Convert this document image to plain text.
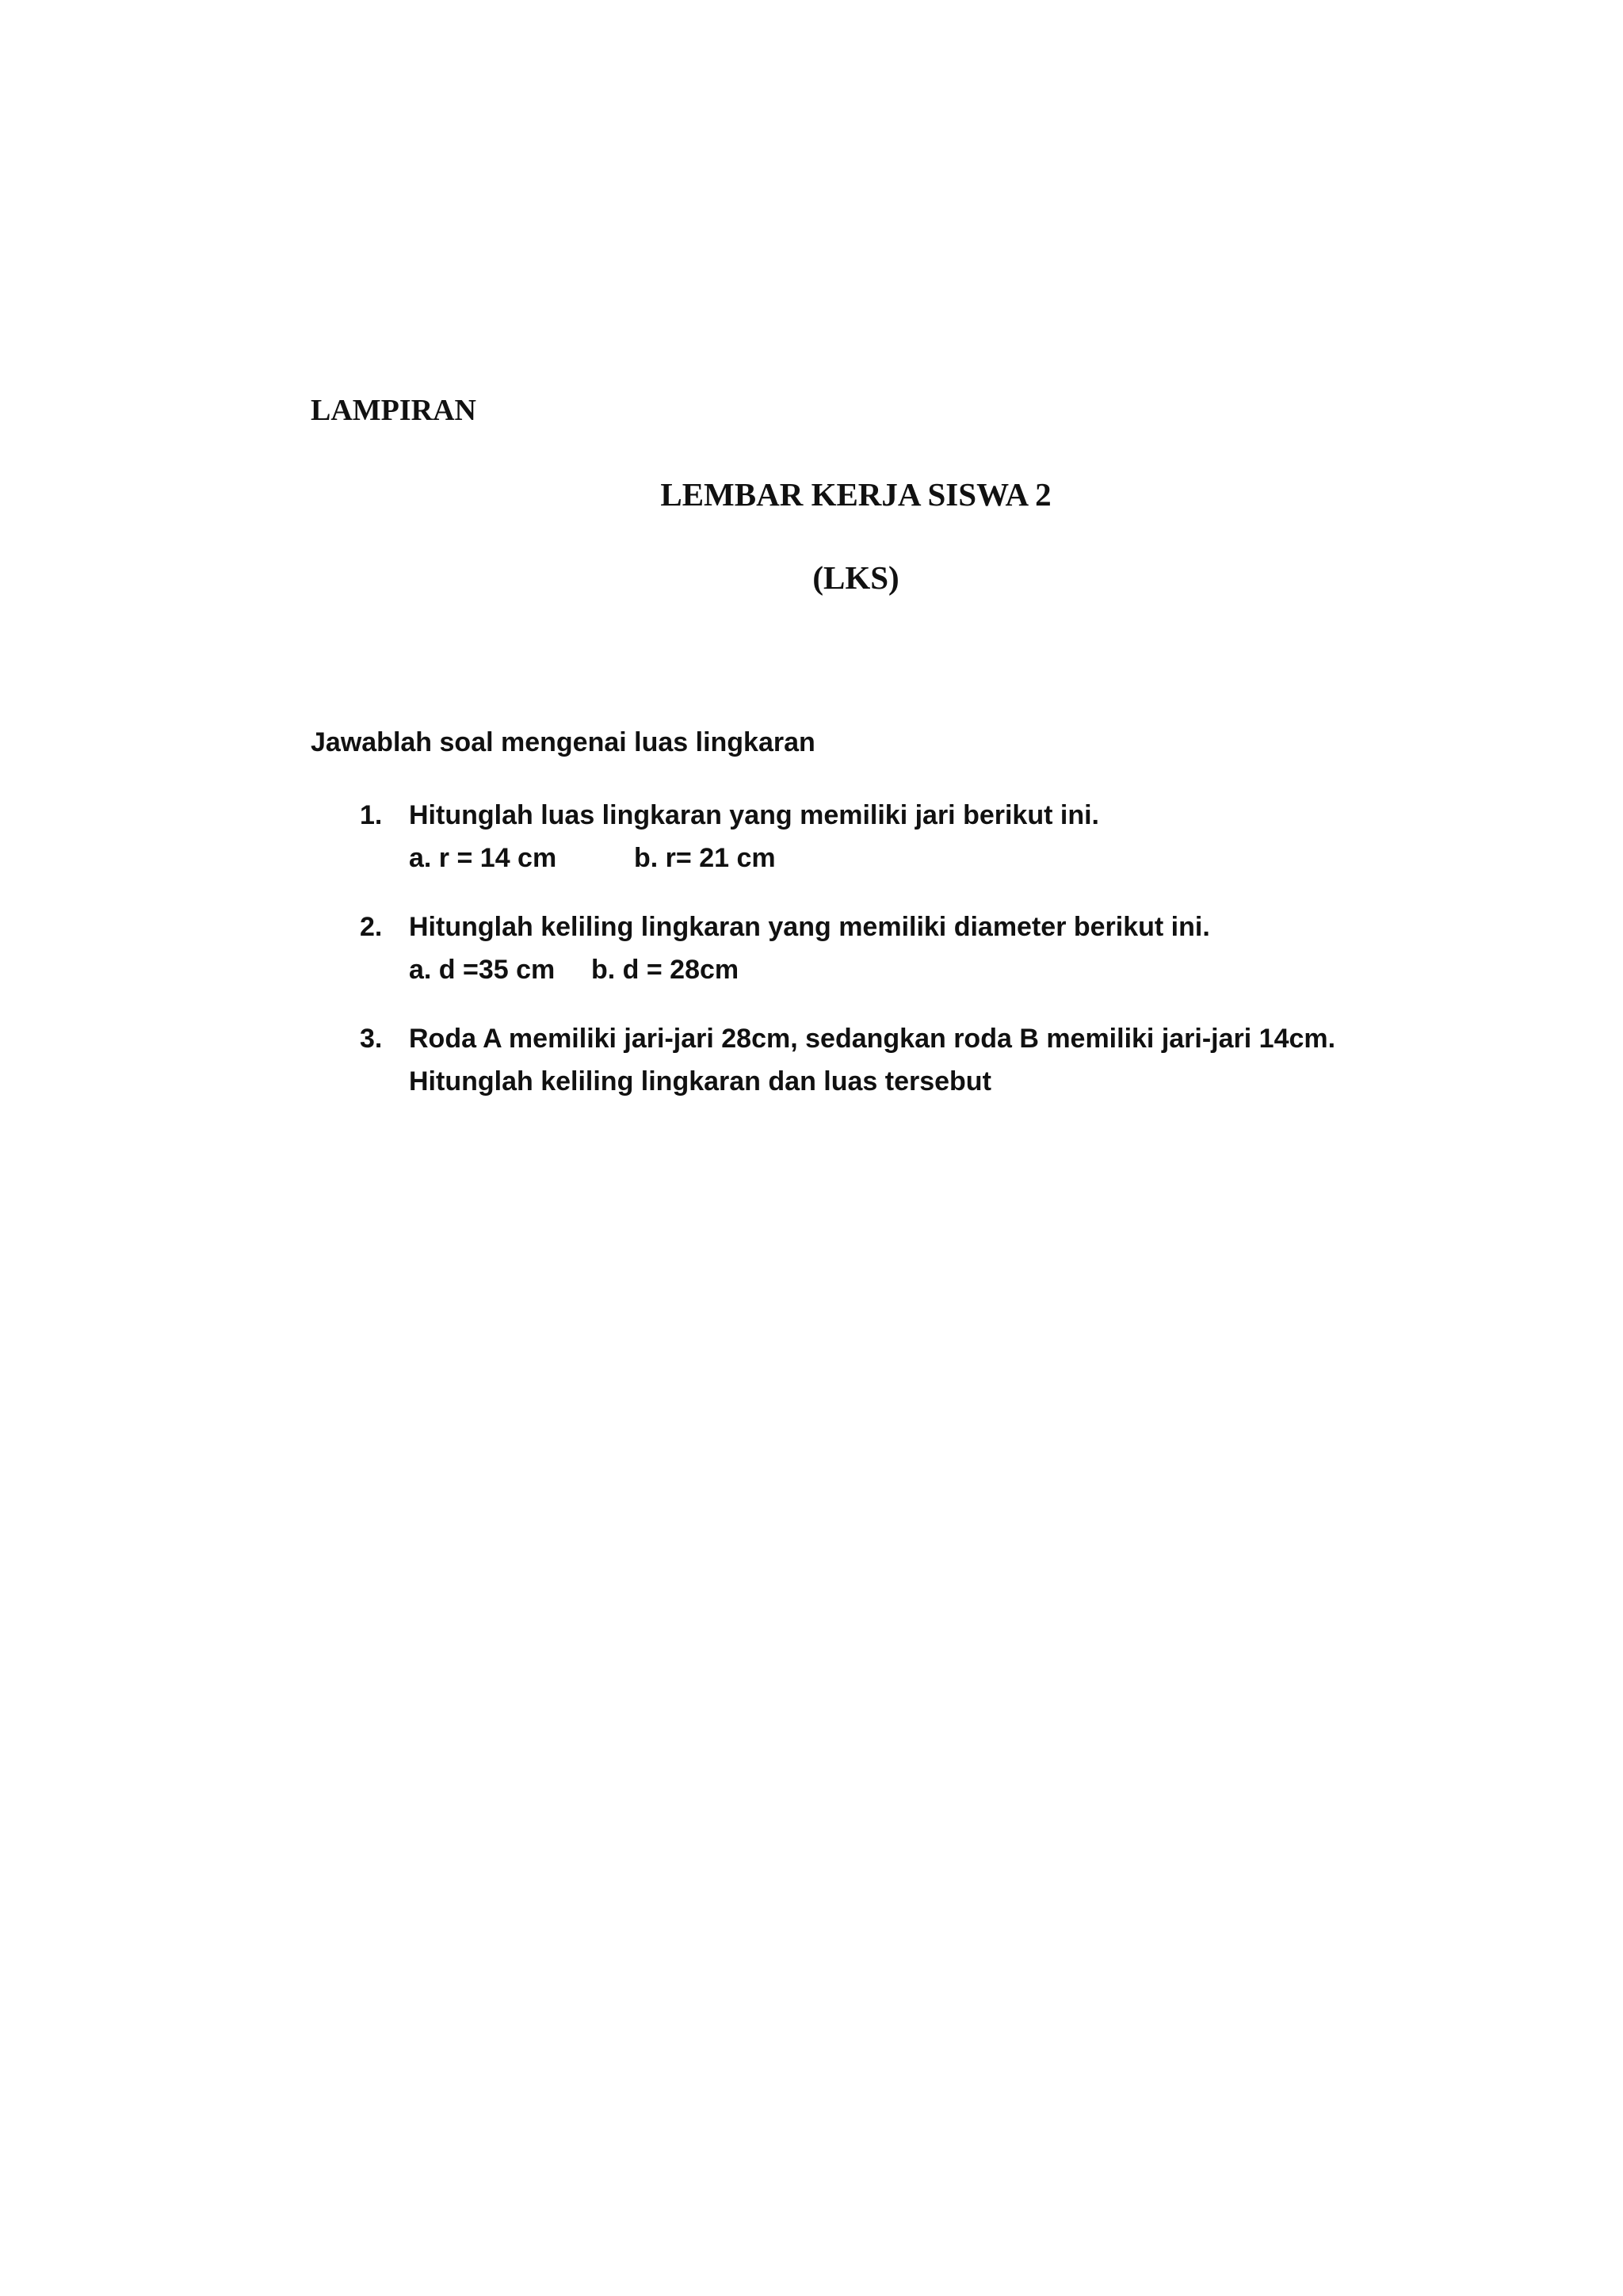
LAMPIRAN
LEMBAR KERJA SISWA 2
(LKS)
Jawablah soal mengenai luas lingkaran
1. Hitunglah luas lingkaran yang memiliki jari berikut ini.
a. r = 14 cm	b. r= 21 cm
2. Hitunglah keliling lingkaran yang memiliki diameter berikut ini.
a. d =35 cm b. d = 28cm
3. Roda A memiliki jari-jari 28cm, sedangkan roda B memiliki jari-jari 14cm.
Hitunglah keliling lingkaran dan luas tersebut
